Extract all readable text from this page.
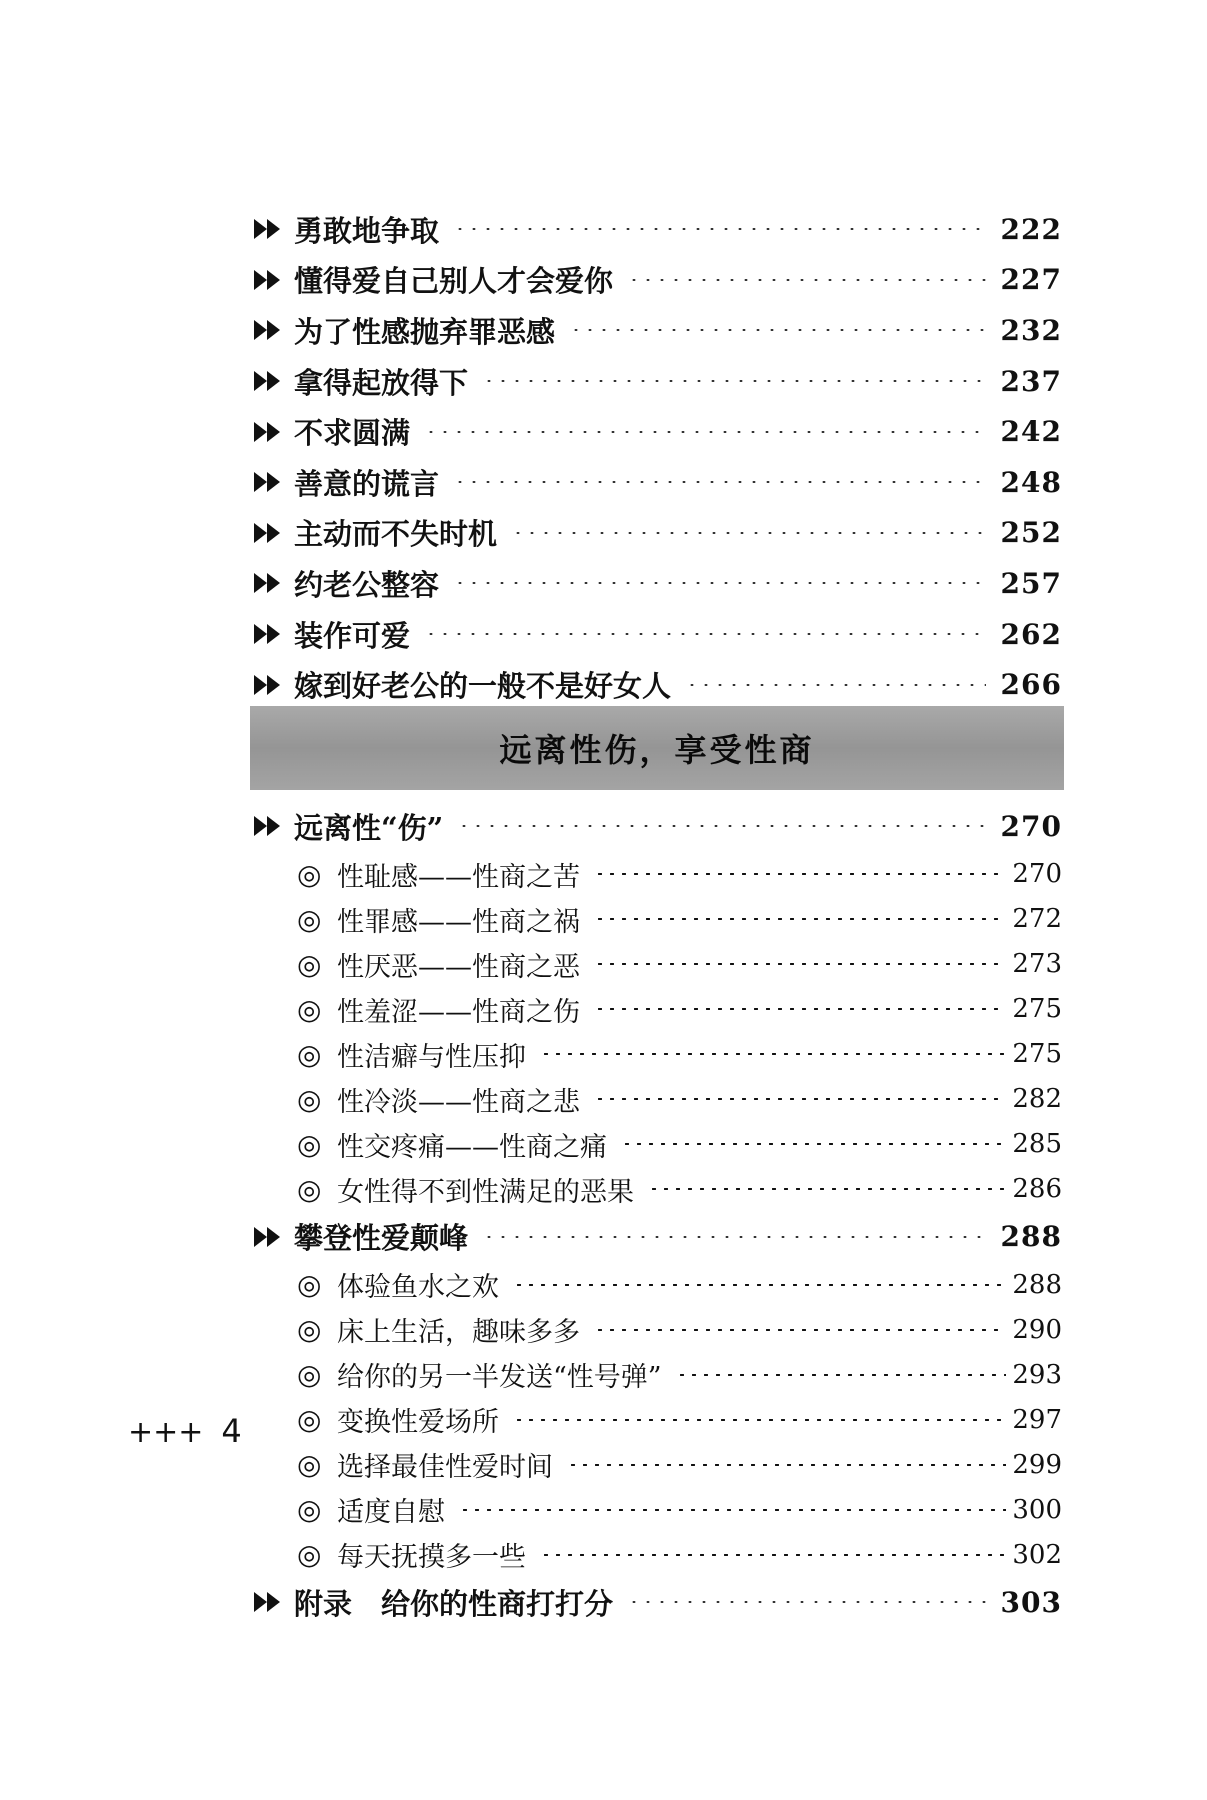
勇敢地争取	222
懂得爱自己别人才会爱你	227
为了性感抛弃罪恶感	232
拿得起放得下	237
不求圆满	242
善意的谎言	248
主动而不失时机	252
约老公整容	257
装作可爱	262
嫁到好老公的一般不是好女人	266
远离性伤，享受性商
远离性“伤”	270
◎ 性耻感——性商之苦	270
◎ 性罪感——性商之祸	272
◎ 性厌恶——性商之恶	273
◎ 性羞涩——性商之伤	275
◎ 性洁癖与性压抑	275
◎ 性冷淡——性商之悲	282
◎ 性交疼痛——性商之痛	285
◎ 女性得不到性满足的恶果	286
攀登性爱颠峰	288
◎ 体验鱼水之欢	288
◎ 床上生活，趣味多多	290
◎ 给你的另一半发送“性号弹”	293
◎ 变换性爱场所	297
◎ 选择最佳性爱时间	299
◎ 适度自慰	300
◎ 每天抚摸多一些	302
附录　给你的性商打打分	303
+++ 4
